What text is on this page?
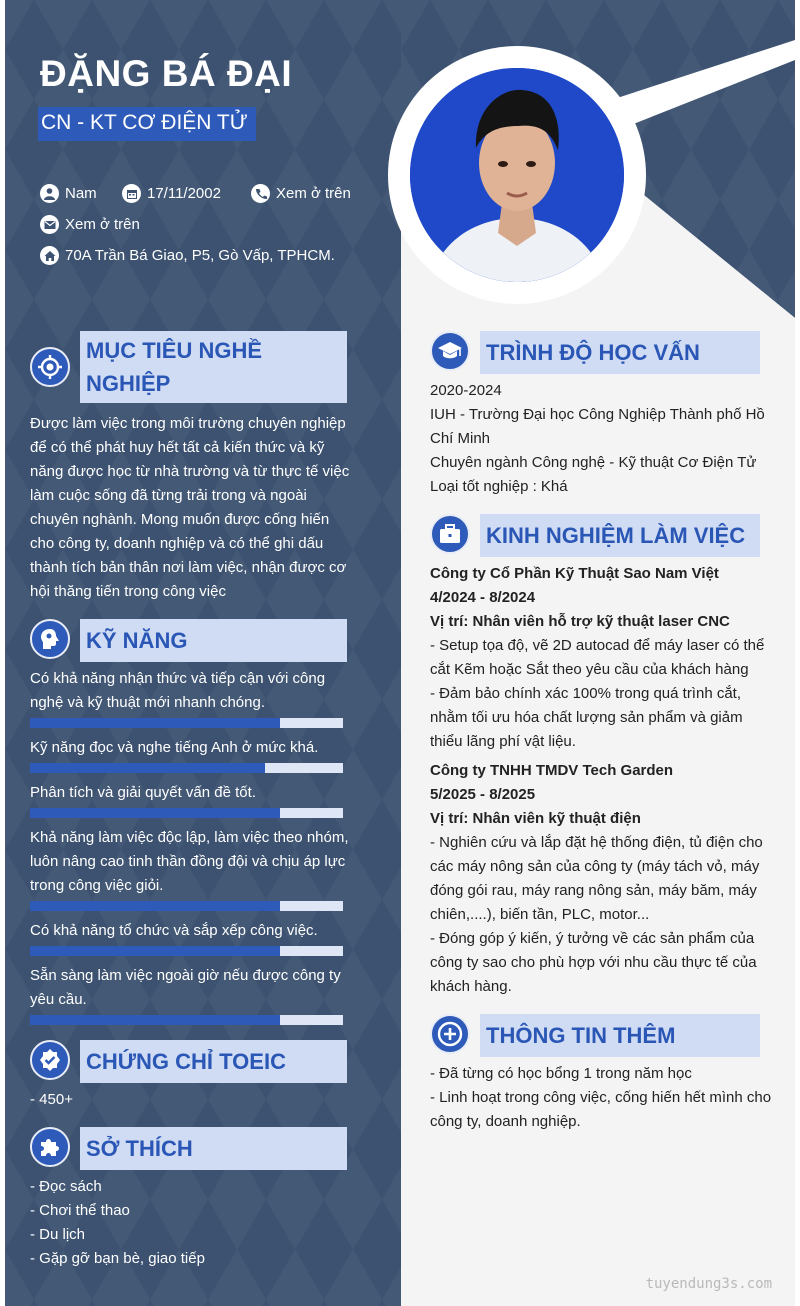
ĐẶNG BÁ ĐẠI
CN - KT CƠ ĐIỆN TỬ
Nam	17/11/2002	Xem ở trên
Xem ở trên
70A Trần Bá Giao, P5, Gò Vấp, TPHCM.
MỤC TIÊU NGHỀ
NGHIỆP
Được làm việc trong môi trường chuyên nghiệp
để có thể phát huy hết tất cả kiến thức và kỹ
năng được học từ nhà trường và từ thực tế việc
làm cuộc sống đã từng trải trong và ngoài
chuyên nghành. Mong muốn được cống hiến
cho công ty, doanh nghiệp và có thể ghi dấu
thành tích bản thân nơi làm việc, nhận được cơ
hội thăng tiến trong công việc
KỸ NĂNG
Có khả năng nhận thức và tiếp cận với công
nghệ và kỹ thuật mới nhanh chóng.
Kỹ năng đọc và nghe tiếng Anh ở mức khá.
Phân tích và giải quyết vấn đề tốt.
Khả năng làm việc độc lập, làm việc theo nhóm,
luôn nâng cao tinh thần đồng đội và chịu áp lực
trong công việc giỏi.
Có khả năng tổ chức và sắp xếp công việc.
Sẵn sàng làm việc ngoài giờ nếu được công ty
yêu cầu.
CHỨNG CHỈ TOEIC
- 450+
SỞ THÍCH
- Đọc sách
- Chơi thể thao
- Du lịch
- Gặp gỡ bạn bè, giao tiếp
TRÌNH ĐỘ HỌC VẤN
2020-2024
IUH - Trường Đại học Công Nghiệp Thành phố Hồ
Chí Minh
Chuyên ngành Công nghệ - Kỹ thuật Cơ Điện Tử
Loại tốt nghiệp : Khá
KINH NGHIỆM LÀM VIỆC
Công ty Cổ Phần Kỹ Thuật Sao Nam Việt
4/2024 - 8/2024
Vị trí: Nhân viên hỗ trợ kỹ thuật laser CNC
- Setup tọa độ, vẽ 2D autocad để máy laser có thể
cắt Kẽm hoặc Sắt theo yêu cầu của khách hàng
- Đảm bảo chính xác 100% trong quá trình cắt,
nhằm tối ưu hóa chất lượng sản phẩm và giảm
thiểu lãng phí vật liệu.
Công ty TNHH TMDV Tech Garden
5/2025 - 8/2025
Vị trí: Nhân viên kỹ thuật điện
- Nghiên cứu và lắp đặt hệ thống điện, tủ điện cho
các máy nông sản của công ty (máy tách vỏ, máy
đóng gói rau, máy rang nông sản, máy băm, máy
chiên,....), biến tần, PLC, motor...
- Đóng góp ý kiến, ý tưởng về các sản phẩm của
công ty sao cho phù hợp với nhu cầu thực tế của
khách hàng.
THÔNG TIN THÊM
- Đã từng có học bổng 1 trong năm học
- Linh hoạt trong công việc, cống hiến hết mình cho
công ty, doanh nghiệp.
tuyendung3s.com
